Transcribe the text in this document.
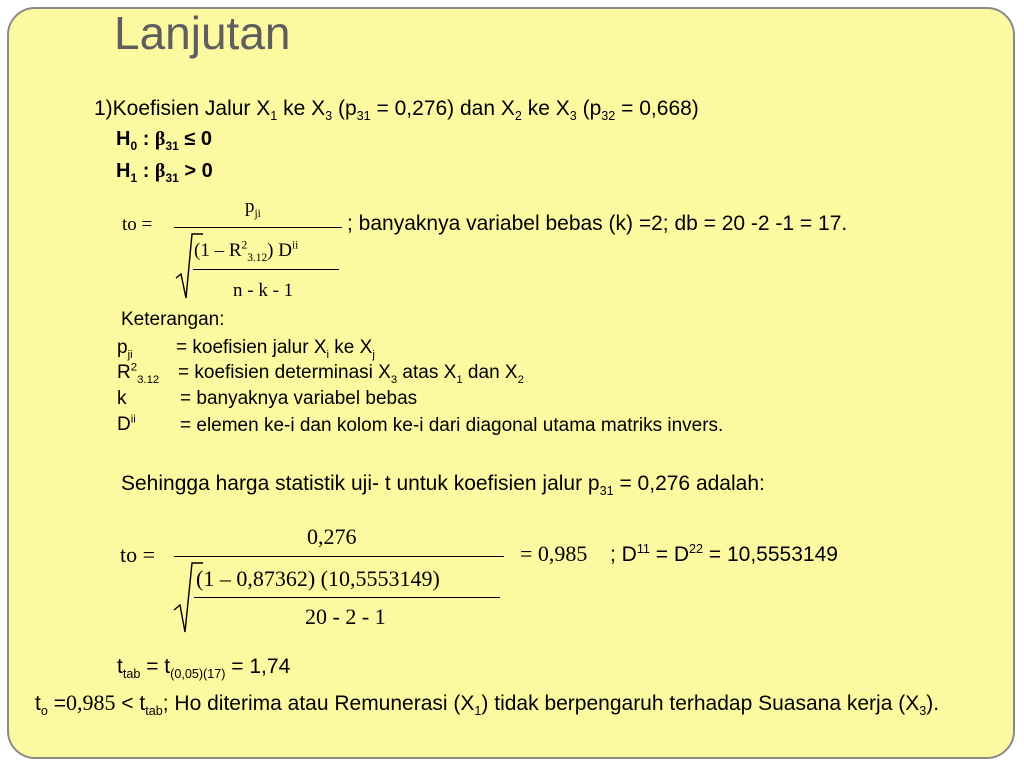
Lanjutan
1)Koefisien Jalur $X_1$ ke $X_3$ $(p_{31} = 0,276)$ dan $X_2$ ke $X_3$ $(p_{32} = 0,668)$
$H_0$ : $\beta_{31} \le 0$
$H_1$ : $\beta_{31} > 0$
to =
$p_{ji}$
$(1 - R^2_{3.12})$ $D^{ii}$
n - k - 1
; banyaknya variabel bebas (k) =2; db = 20 -2 -1 = 17.
Keterangan:
$p_{ji}$ = koefisien jalur $X_i$ ke $X_j$
$R^2_{3.12}$ = koefisien determinasi $X_3$ atas $X_1$ dan $X_2$
k	= banyaknya variabel bebas
$D^{ii}$ = elemen ke-i dan kolom ke-i dari diagonal utama matriks invers.
Sehingga harga statistik uji- t untuk koefisien jalur $p_{31} = 0,276$ adalah:
to =
0,276
(1 – 0,87362) (10,5553149)
20 - 2 - 1
= 0,985 ; $D^{11} = D^{22} = 10,5553149$
$t_{tab} = t_{(0,05)(17)} = 1,74$
$t_o =0,985 < t_{tab}$; Ho diterima atau Remunerasi $(X_1)$ tidak berpengaruh terhadap Suasana kerja $(X_3)$.
